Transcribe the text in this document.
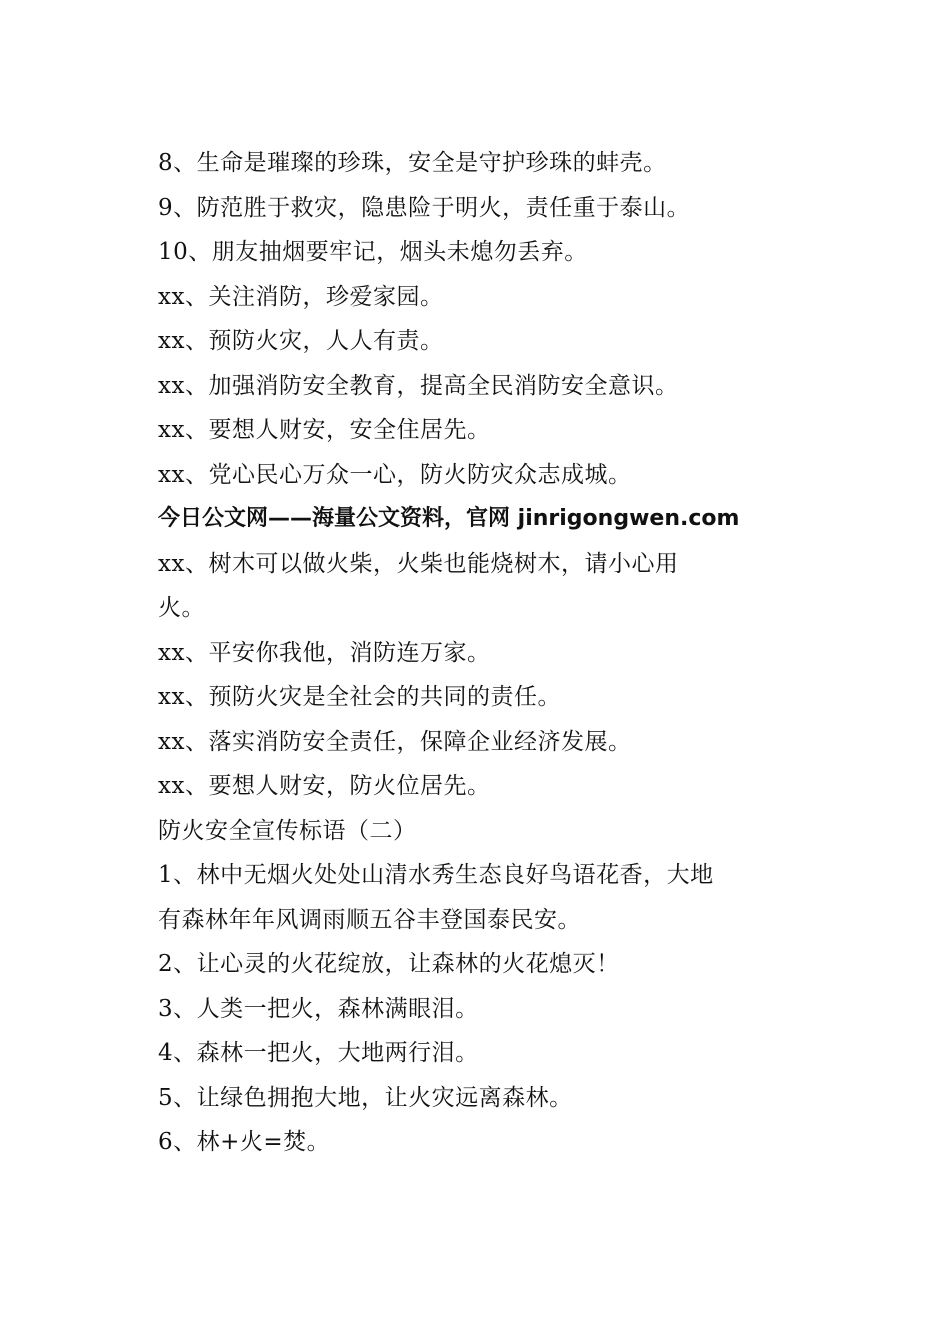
8、生命是璀璨的珍珠，安全是守护珍珠的蚌壳。
9、防范胜于救灾，隐患险于明火，责任重于泰山。
10、朋友抽烟要牢记，烟头未熄勿丢弃。
xx、关注消防，珍爱家园。
xx、预防火灾，人人有责。
xx、加强消防安全教育，提高全民消防安全意识。
xx、要想人财安，安全住居先。
xx、党心民心万众一心，防火防灾众志成城。
今日公文网——海量公文资料，官网 jinrigongwen.com
xx、树木可以做火柴，火柴也能烧树木，请小心用
火。
xx、平安你我他，消防连万家。
xx、预防火灾是全社会的共同的责任。
xx、落实消防安全责任，保障企业经济发展。
xx、要想人财安，防火位居先。
防火安全宣传标语（二）
1、林中无烟火处处山清水秀生态良好鸟语花香，大地
有森林年年风调雨顺五谷丰登国泰民安。
2、让心灵的火花绽放，让森林的火花熄灭！
3、人类一把火，森林满眼泪。
4、森林一把火，大地两行泪。
5、让绿色拥抱大地，让火灾远离森林。
6、林+火=焚。
